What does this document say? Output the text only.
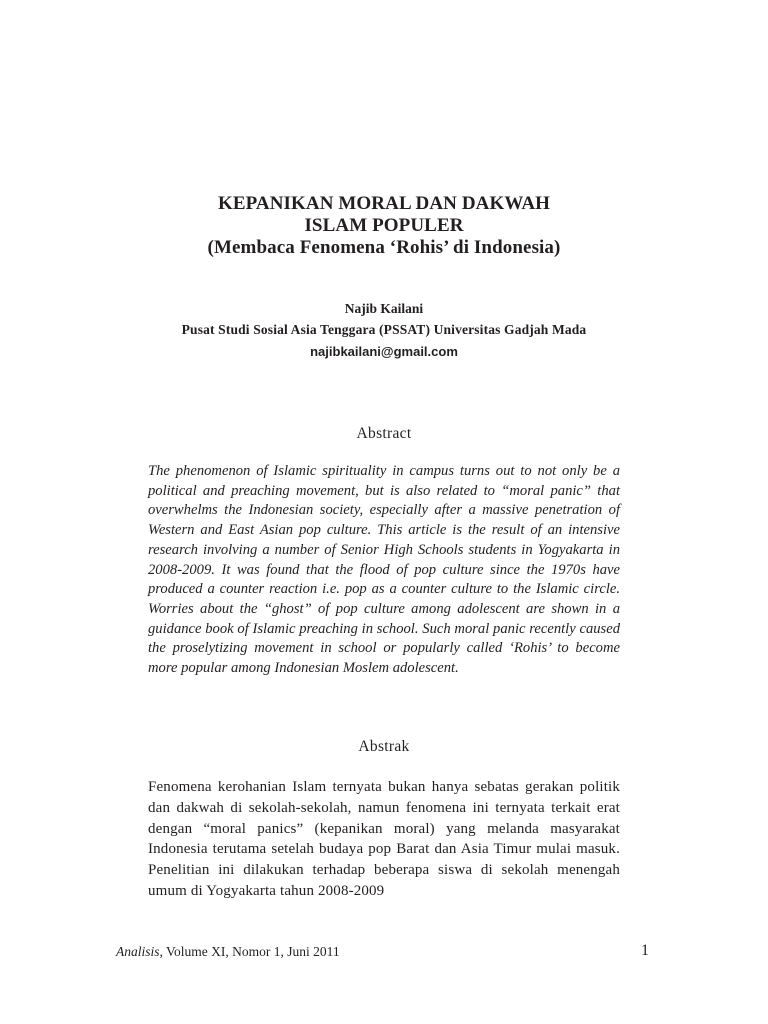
KEPANIKAN MORAL DAN DAKWAH
ISLAM POPULER
(Membaca Fenomena ‘Rohis’ di Indonesia)
Najib Kailani
Pusat Studi Sosial Asia Tenggara (PSSAT) Universitas Gadjah Mada
najibkailani@gmail.com
Abstract
The phenomenon of Islamic spirituality in campus turns out to not only be a political and preaching movement, but is also related to “moral panic” that overwhelms the Indonesian society, especially after a massive penetration of Western and East Asian pop culture. This article is the result of an intensive research involving a number of Senior High Schools students in Yogyakarta in 2008-2009. It was found that the flood of pop culture since the 1970s have produced a counter reaction i.e. pop as a counter culture to the Islamic circle. Worries about the “ghost” of pop culture among adolescent are shown in a guidance book of Islamic preaching in school. Such moral panic recently caused the proselytizing movement in school or popularly called ‘Rohis’ to become more popular among Indonesian Moslem adolescent.
Abstrak
Fenomena kerohanian Islam ternyata bukan hanya sebatas gerakan politik dan dakwah di sekolah-sekolah, namun fenomena ini ternyata terkait erat dengan “moral panics” (kepanikan moral) yang melanda masyarakat Indonesia terutama setelah budaya pop Barat dan Asia Timur mulai masuk. Penelitian ini dilakukan terhadap beberapa siswa di sekolah menengah umum di Yogyakarta tahun 2008-2009
Analisis, Volume XI, Nomor 1, Juni 2011	1
